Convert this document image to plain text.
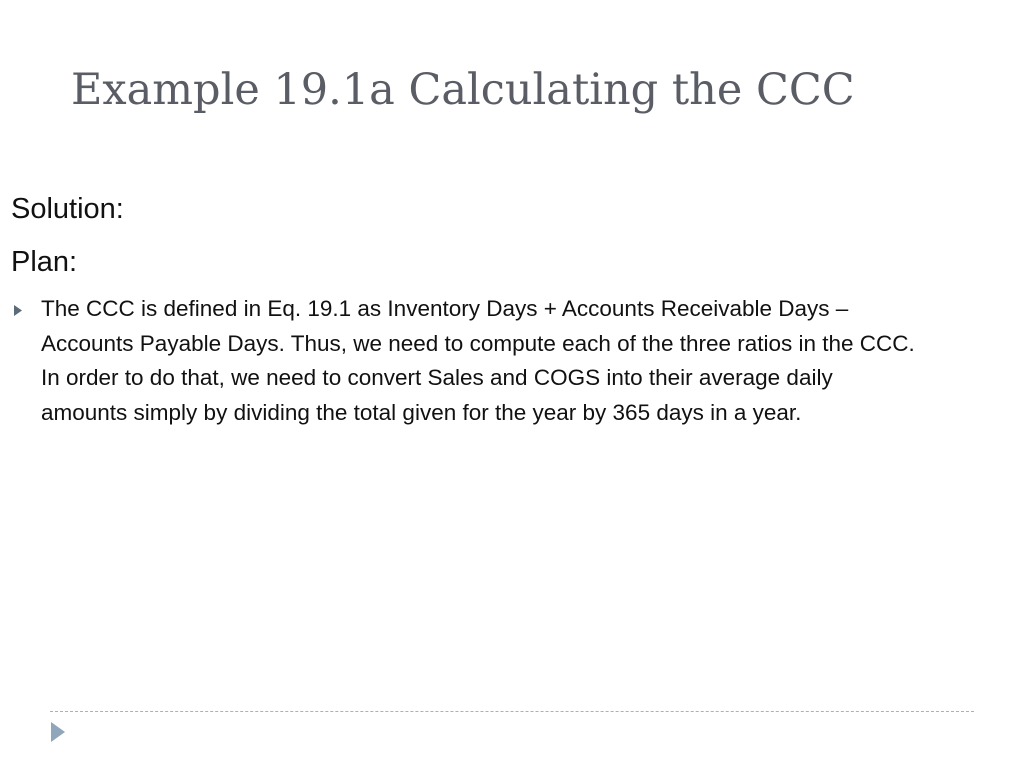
Example 19.1a Calculating the CCC

Solution:

Plan:

The CCC is defined in Eq. 19.1 as Inventory Days + Accounts Receivable Days – Accounts Payable Days. Thus, we need to compute each of the three ratios in the CCC. In order to do that, we need to convert Sales and COGS into their average daily amounts simply by dividing the total given for the year by 365 days in a year.
